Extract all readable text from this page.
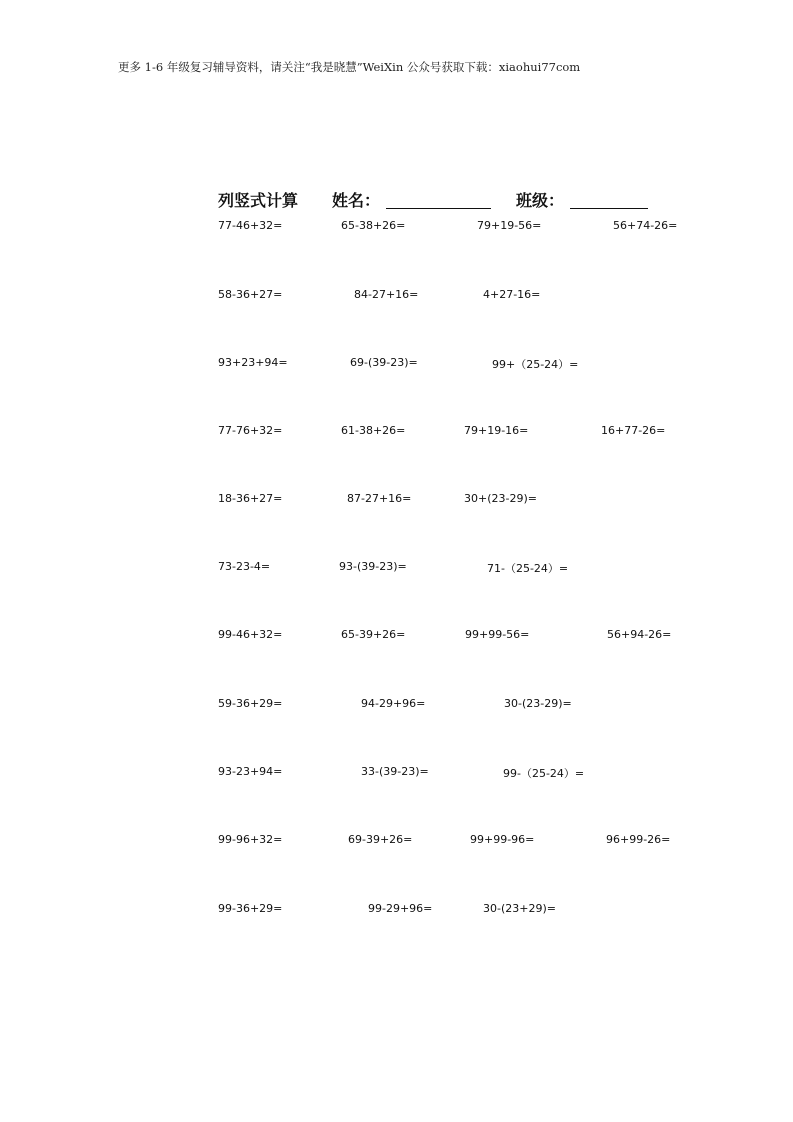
更多 1-6 年级复习辅导资料，请关注“我是晓慧”WeiXin 公众号获取下载：xiaohui77com
列竖式计算 姓名：	班级：
77-46+32=	65-38+26=	79+19-56=	56+74-26=
58-36+27=	84-27+16=	4+27-16=
93+23+94=	69-(39-23)=	99+（25-24）=
77-76+32=	61-38+26=	79+19-16=	16+77-26=
18-36+27=	87-27+16=	30+(23-29)=
73-23-4=	93-(39-23)=	71-（25-24）=
99-46+32=	65-39+26=	99+99-56=	56+94-26=
59-36+29=	94-29+96=	30-(23-29)=
93-23+94=	33-(39-23)=	99-（25-24）=
99-96+32=	69-39+26=	99+99-96=	96+99-26=
99-36+29=	99-29+96=	30-(23+29)=
